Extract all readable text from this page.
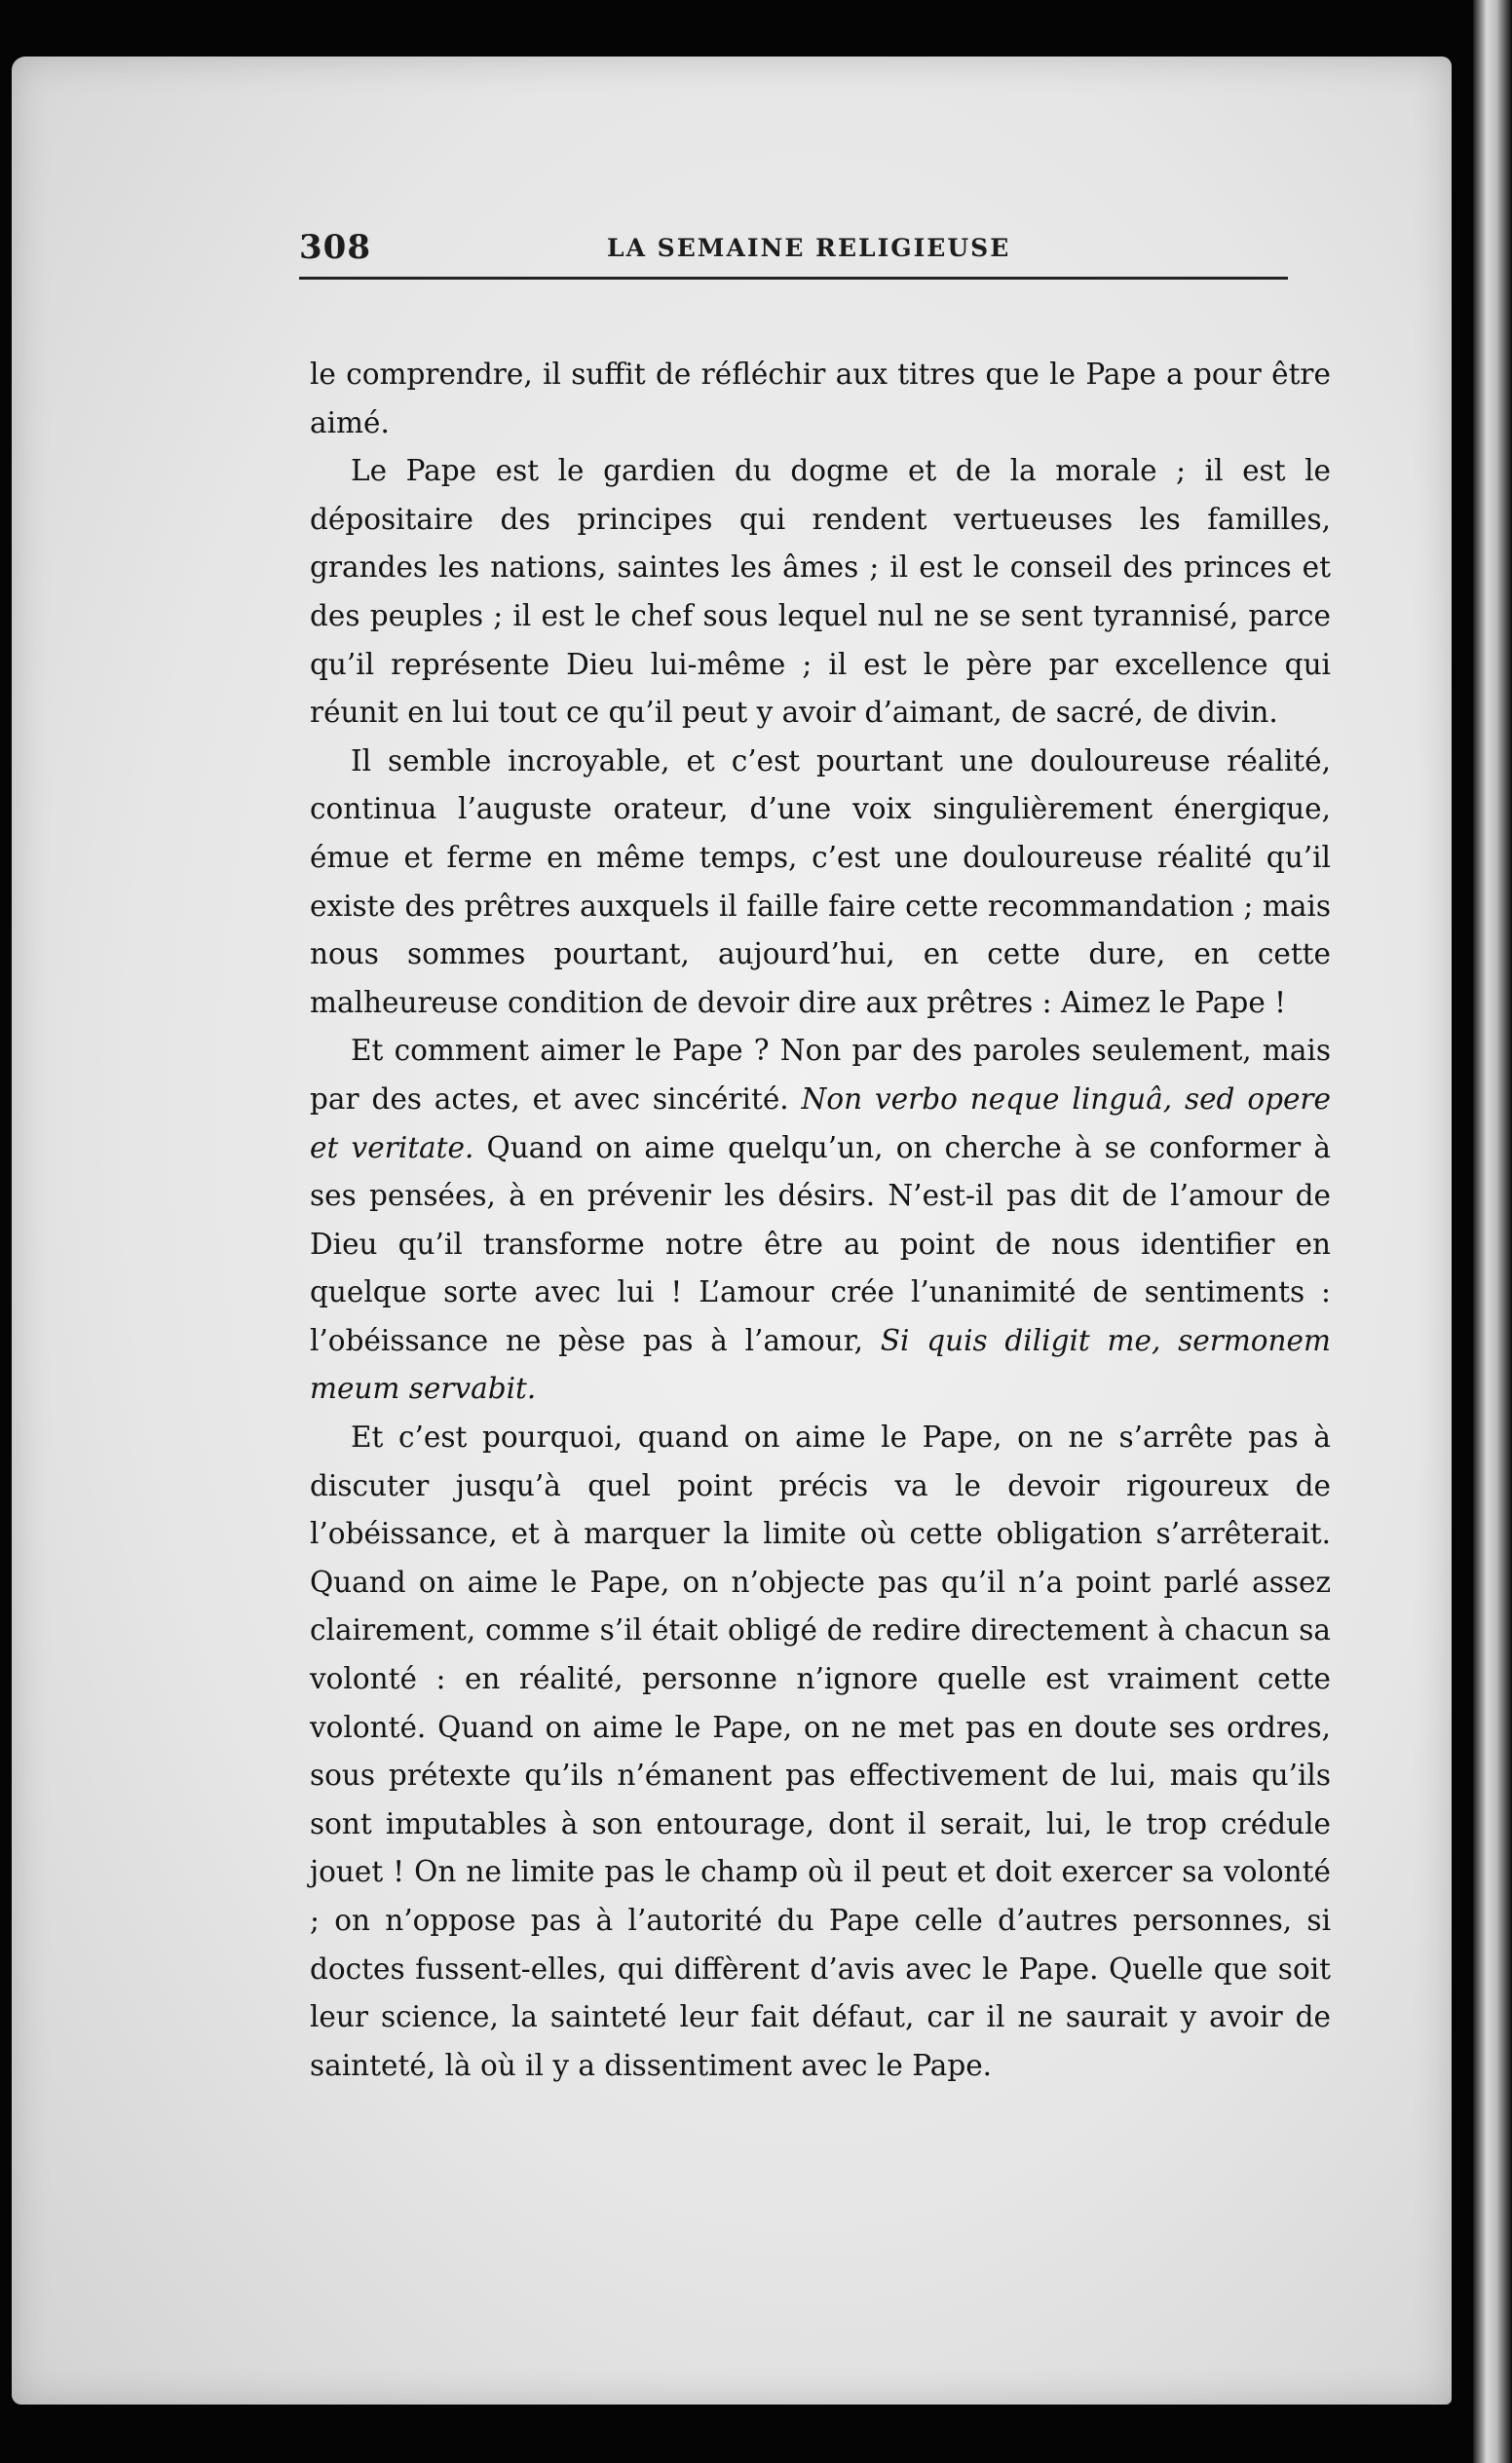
308	LA SEMAINE RELIGIEUSE

le comprendre, il suffit de réfléchir aux titres que le Pape a pour être aimé.

Le Pape est le gardien du dogme et de la morale ; il est le dépositaire des principes qui rendent vertueuses les familles, grandes les nations, saintes les âmes ; il est le conseil des princes et des peuples ; il est le chef sous lequel nul ne se sent tyrannisé, parce qu’il représente Dieu lui-même ; il est le père par excellence qui réunit en lui tout ce qu’il peut y avoir d’aimant, de sacré, de divin.

Il semble incroyable, et c’est pourtant une douloureuse réalité, continua l’auguste orateur, d’une voix singulièrement énergique, émue et ferme en même temps, c’est une douloureuse réalité qu’il existe des prêtres auxquels il faille faire cette recommandation ; mais nous sommes pourtant, aujourd’hui, en cette dure, en cette malheureuse condition de devoir dire aux prêtres : Aimez le Pape !

Et comment aimer le Pape ? Non par des paroles seulement, mais par des actes, et avec sincérité. Non verbo neque linguâ, sed opere et veritate. Quand on aime quelqu’un, on cherche à se conformer à ses pensées, à en prévenir les désirs. N’est-il pas dit de l’amour de Dieu qu’il transforme notre être au point de nous identifier en quelque sorte avec lui ! L’amour crée l’unanimité de sentiments : l’obéissance ne pèse pas à l’amour, Si quis diligit me, sermonem meum servabit.

Et c’est pourquoi, quand on aime le Pape, on ne s’arrête pas à discuter jusqu’à quel point précis va le devoir rigoureux de l’obéissance, et à marquer la limite où cette obligation s’arrêterait. Quand on aime le Pape, on n’objecte pas qu’il n’a point parlé assez clairement, comme s’il était obligé de redire directement à chacun sa volonté : en réalité, personne n’ignore quelle est vraiment cette volonté. Quand on aime le Pape, on ne met pas en doute ses ordres, sous prétexte qu’ils n’émanent pas effectivement de lui, mais qu’ils sont imputables à son entourage, dont il serait, lui, le trop crédule jouet ! On ne limite pas le champ où il peut et doit exercer sa volonté ; on n’oppose pas à l’autorité du Pape celle d’autres personnes, si doctes fussent-elles, qui diffèrent d’avis avec le Pape. Quelle que soit leur science, la sainteté leur fait défaut, car il ne saurait y avoir de sainteté, là où il y a dissentiment avec le Pape.
